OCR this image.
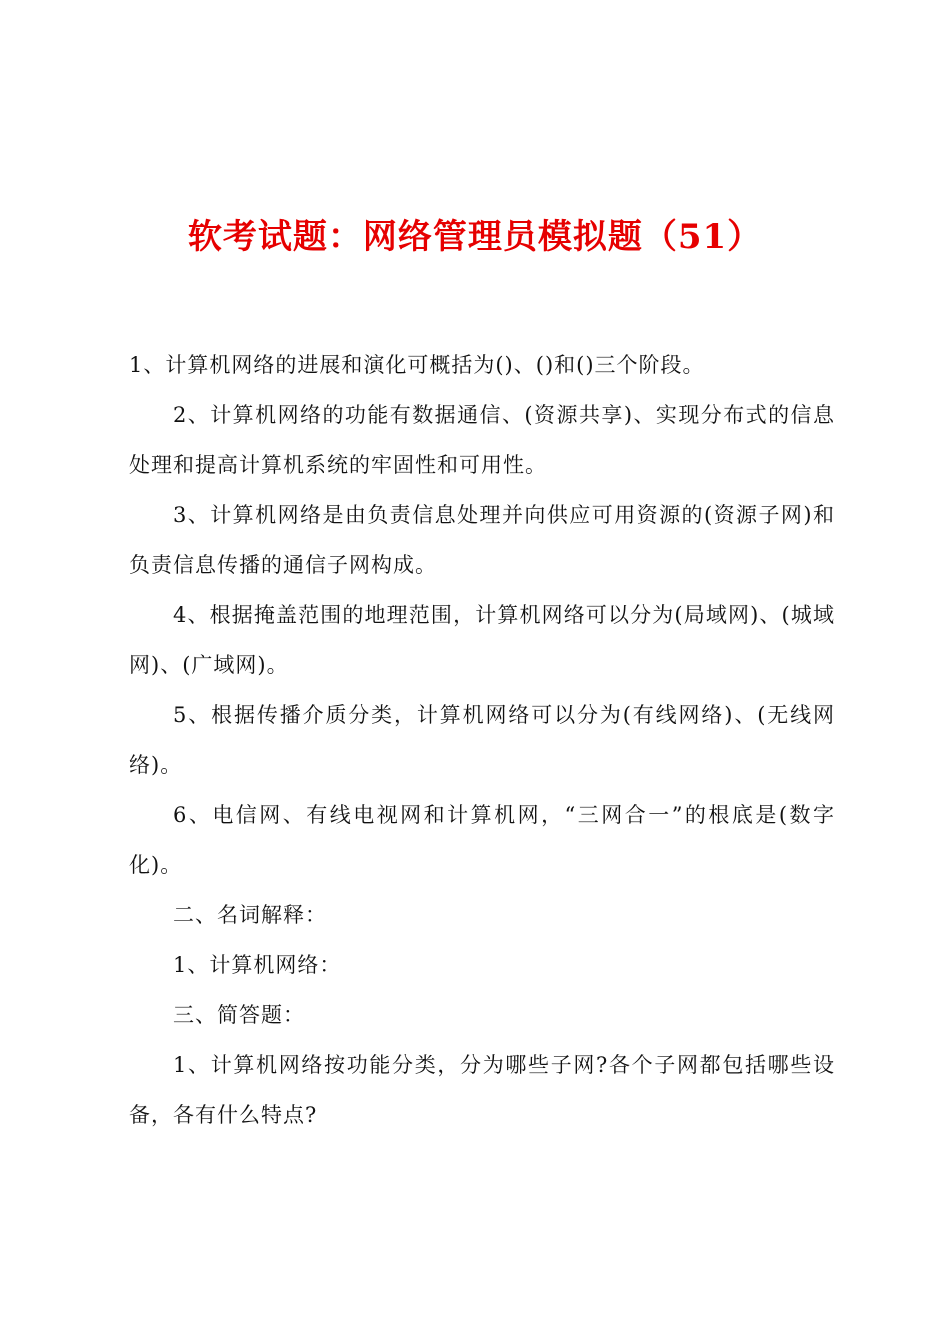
软考试题：网络管理员模拟题（51）

1、计算机网络的进展和演化可概括为()、()和()三个阶段。

2、计算机网络的功能有数据通信、(资源共享)、实现分布式的信息处理和提高计算机系统的牢固性和可用性。

3、计算机网络是由负责信息处理并向供应可用资源的(资源子网)和负责信息传播的通信子网构成。

4、根据掩盖范围的地理范围，计算机网络可以分为(局域网)、(城域网)、(广域网)。

5、根据传播介质分类，计算机网络可以分为(有线网络)、(无线网络)。

6、电信网、有线电视网和计算机网，“三网合一”的根底是(数字化)。

二、名词解释：

1、计算机网络：

三、简答题：

1、计算机网络按功能分类，分为哪些子网?各个子网都包括哪些设备，各有什么特点?
